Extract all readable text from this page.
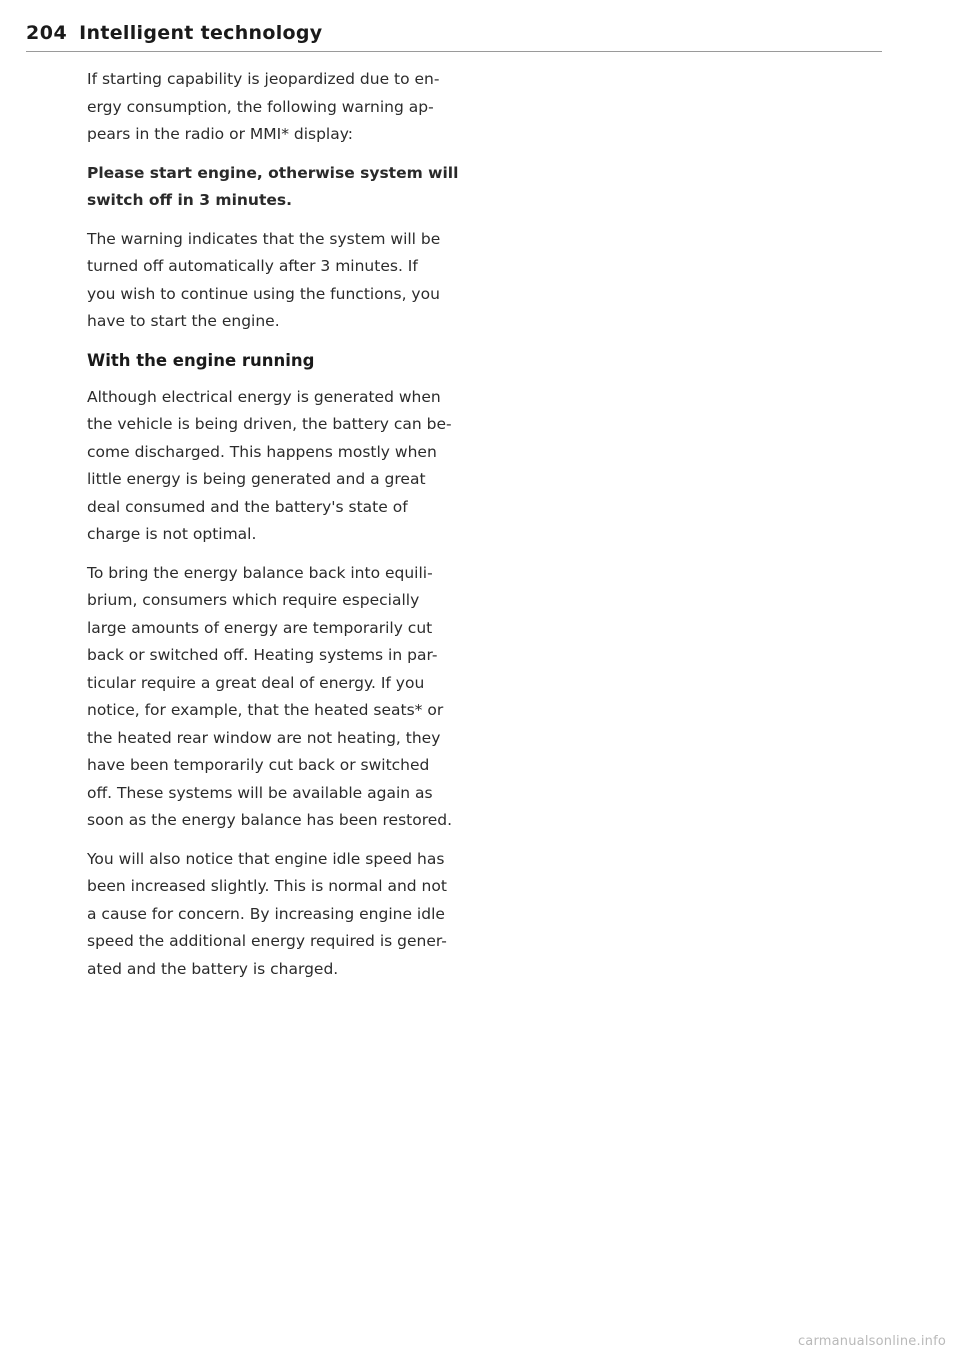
204 Intelligent technology

If starting capability is jeopardized due to en-
ergy consumption, the following warning ap-
pears in the radio or MMI* display:

Please start engine, otherwise system will
switch off in 3 minutes.

The warning indicates that the system will be
turned off automatically after 3 minutes. If
you wish to continue using the functions, you
have to start the engine.

With the engine running

Although electrical energy is generated when
the vehicle is being driven, the battery can be-
come discharged. This happens mostly when
little energy is being generated and a great
deal consumed and the battery's state of
charge is not optimal.

To bring the energy balance back into equili-
brium, consumers which require especially
large amounts of energy are temporarily cut
back or switched off. Heating systems in par-
ticular require a great deal of energy. If you
notice, for example, that the heated seats* or
the heated rear window are not heating, they
have been temporarily cut back or switched
off. These systems will be available again as
soon as the energy balance has been restored.

You will also notice that engine idle speed has
been increased slightly. This is normal and not
a cause for concern. By increasing engine idle
speed the additional energy required is gener-
ated and the battery is charged.

carmanualsonline.info
